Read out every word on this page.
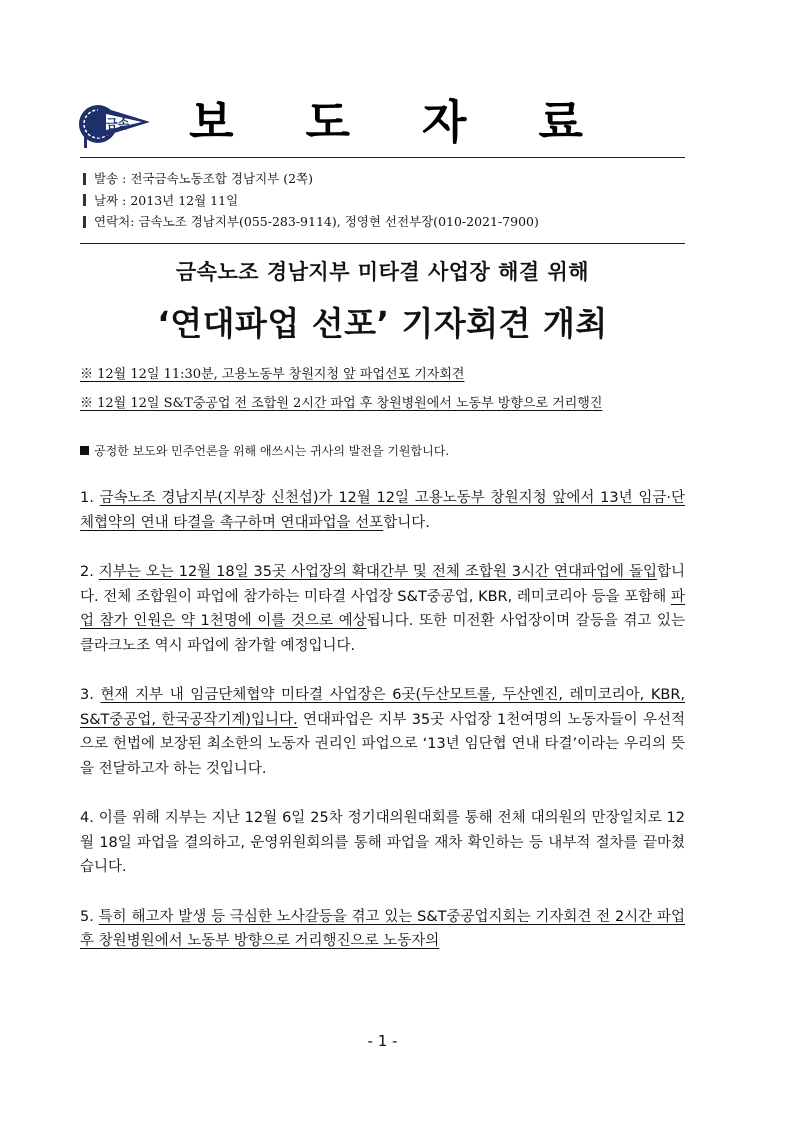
금속	보 도 자 료
발송 : 전국금속노동조합 경남지부 (2쪽)
날짜 : 2013년 12월 11일
연락처: 금속노조 경남지부(055-283-9114), 정영현 선전부장(010-2021-7900)
금속노조 경남지부 미타결 사업장 해결 위해
‘연대파업 선포’ 기자회견 개최
※ 12월 12일 11:30분, 고용노동부 창원지청 앞 파업선포 기자회견
※ 12월 12일 S&T중공업 전 조합원 2시간 파업 후 창원병원에서 노동부 방향으로 거리행진
공정한 보도와 민주언론을 위해 애쓰시는 귀사의 발전을 기원합니다.

1. 금속노조 경남지부(지부장 신천섭)가 12월 12일 고용노동부 창원지청 앞에서 13년 임금·단체협약의 연내 타결을 촉구하며 연대파업을 선포합니다.

2. 지부는 오는 12월 18일 35곳 사업장의 확대간부 및 전체 조합원 3시간 연대파업에 돌입합니다. 전체 조합원이 파업에 참가하는 미타결 사업장 S&T중공업, KBR, 레미코리아 등을 포함해 파업 참가 인원은 약 1천명에 이를 것으로 예상됩니다. 또한 미전환 사업장이며 갈등을 겪고 있는 클라크노조 역시 파업에 참가할 예정입니다.

3. 현재 지부 내 임금단체협약 미타결 사업장은 6곳(두산모트롤, 두산엔진, 레미코리아, KBR, S&T중공업, 한국공작기계)입니다. 연대파업은 지부 35곳 사업장 1천여명의 노동자들이 우선적으로 헌법에 보장된 최소한의 노동자 권리인 파업으로 ‘13년 임단협 연내 타결’이라는 우리의 뜻을 전달하고자 하는 것입니다.

4. 이를 위해 지부는 지난 12월 6일 25차 정기대의원대회를 통해 전체 대의원의 만장일치로 12월 18일 파업을 결의하고, 운영위원회의를 통해 파업을 재차 확인하는 등 내부적 절차를 끝마쳤습니다.

5. 특히 해고자 발생 등 극심한 노사갈등을 겪고 있는 S&T중공업지회는 기자회견 전 2시간 파업 후 창원병원에서 노동부 방향으로 거리행진으로 노동자의

- 1 -
